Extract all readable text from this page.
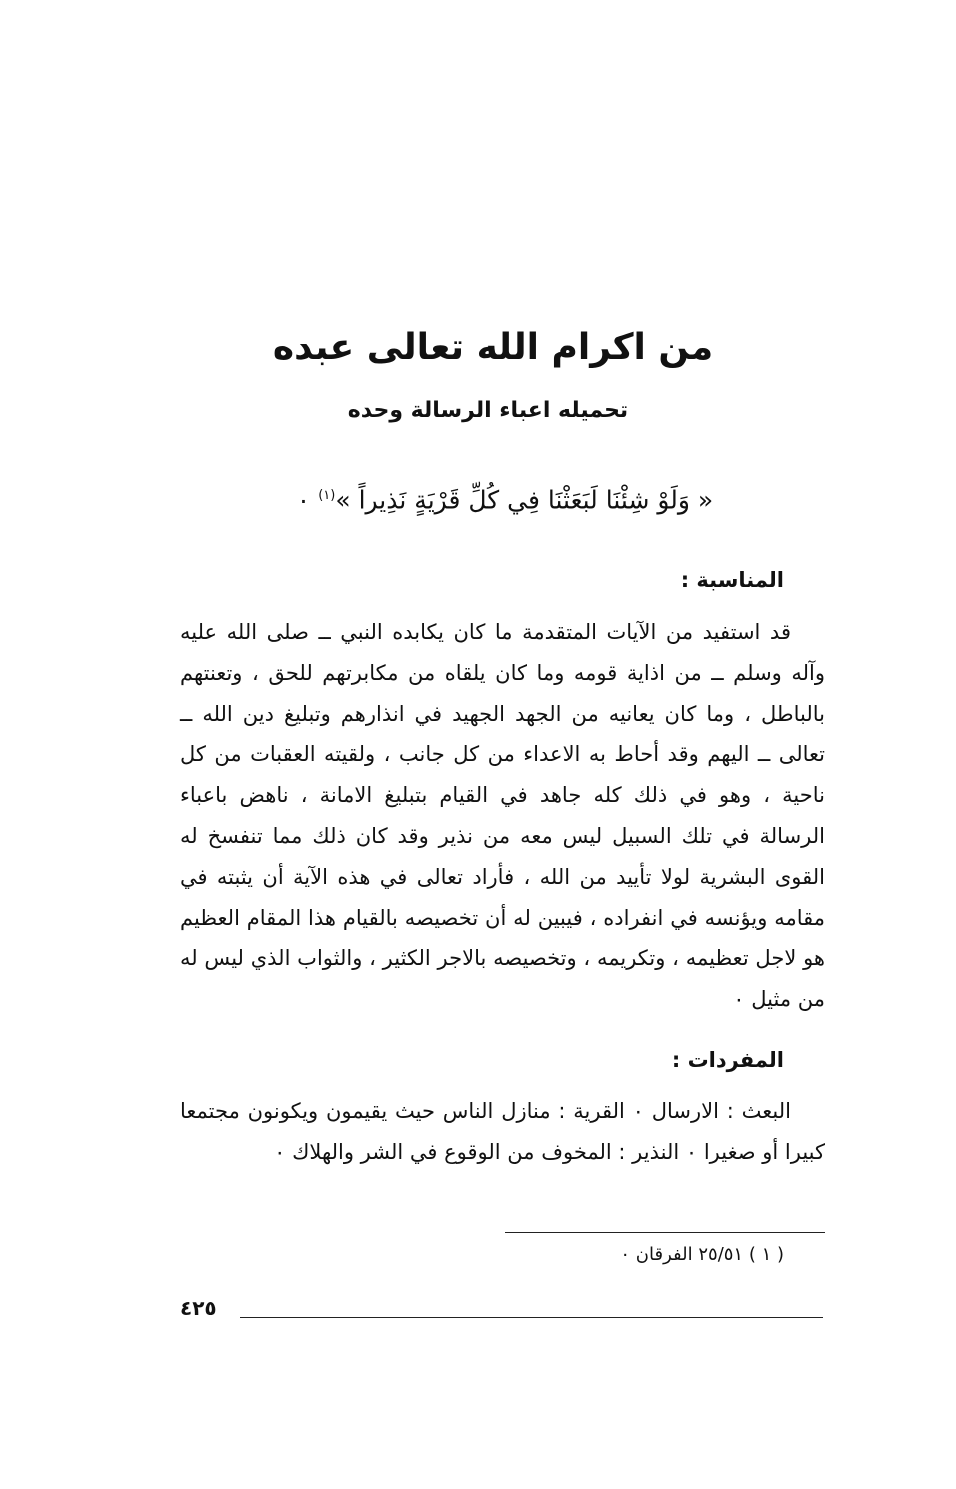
من اكرام الله تعالى عبده
تحميله اعباء الرسالة وحده
« وَلَوْ شِئْنَا لَبَعَثْنَا فِي كُلِّ قَرْيَةٍ نَذِيراً »$^{(١)}$ ٠
المناسبة :
قد استفيد من الآيات المتقدمة ما كان يكابده النبي ــ صلى الله عليه وآله وسلم ــ من اذاية قومه وما كان يلقاه من مكابرتهم للحق ، وتعنتهم بالباطل ، وما كان يعانيه من الجهد الجهيد في انذارهم وتبليغ دين الله ــ تعالى ــ اليهم وقد أحاط به الاعداء من كل جانب ، ولقيته العقبات من كل ناحية ، وهو في ذلك كله جاهد في القيام بتبليغ الامانة ، ناهض باعباء الرسالة في تلك السبيل ليس معه من نذير وقد كان ذلك مما تنفسخ له القوى البشرية لولا تأييد من الله ، فأراد تعالى في هذه الآية أن يثبته في مقامه ويؤنسه في انفراده ، فيبين له أن تخصيصه بالقيام هذا المقام العظيم هو لاجل تعظيمه ، وتكريمه ، وتخصيصه بالاجر الكثير ، والثواب الذي ليس له من مثيل ٠
المفردات :
البعث : الارسال ٠ القرية : منازل الناس حيث يقيمون ويكونون مجتمعا كبيرا أو صغيرا ٠ النذير : المخوف من الوقوع في الشر والهلاك ٠
( ١ ) ٢٥/٥١ الفرقان ٠
٤٢٥
